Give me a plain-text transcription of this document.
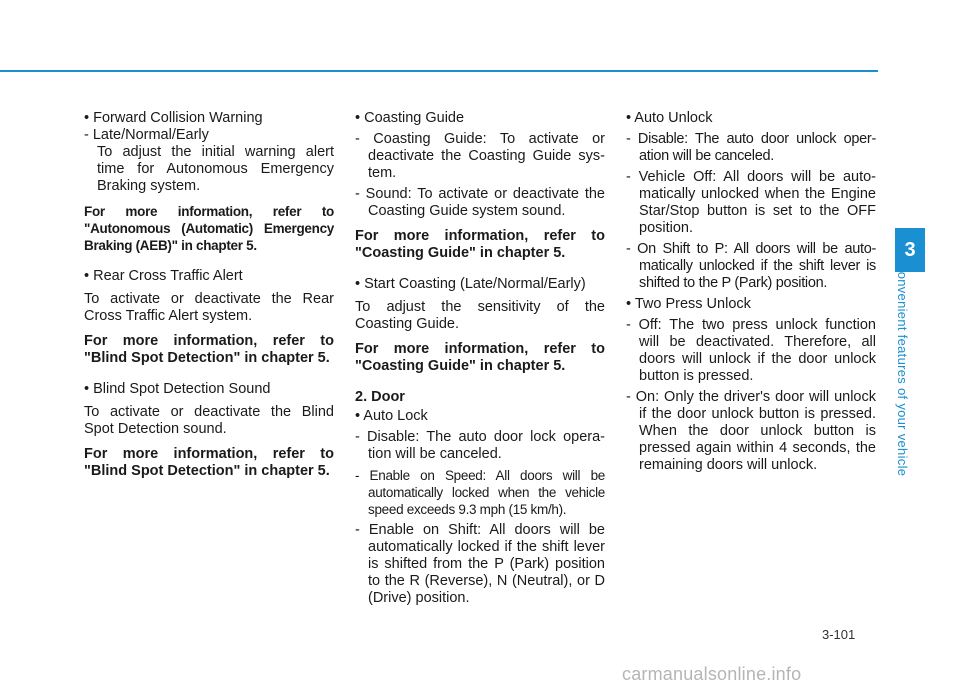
• Forward Collision Warning
- Late/Normal/Early
To adjust the initial warning alert time for Autonomous Emergency Braking system.
For more information, refer to "Autonomous (Automatic) Emergency Braking (AEB)" in chapter 5.
• Rear Cross Traffic Alert
To activate or deactivate the Rear Cross Traffic Alert system.
For more information, refer to "Blind Spot Detection" in chapter 5.
• Blind Spot Detection Sound
To activate or deactivate the Blind Spot Detection sound.
For more information, refer to "Blind Spot Detection" in chapter 5.
• Coasting Guide
- Coasting Guide: To activate or deactivate the Coasting Guide sys-tem.
- Sound: To activate or deactivate the Coasting Guide system sound.
For more information, refer to "Coasting Guide" in chapter 5.
• Start Coasting (Late/Normal/Early)
To adjust the sensitivity of the Coasting Guide.
For more information, refer to "Coasting Guide" in chapter 5.
2. Door
• Auto Lock
- Disable: The auto door lock opera-tion will be canceled.
- Enable on Speed: All doors will be automatically locked when the vehicle speed exceeds 9.3 mph (15 km/h).
- Enable on Shift: All doors will be automatically locked if the shift lever is shifted from the P (Park) position to the R (Reverse), N (Neutral), or D (Drive) position.
• Auto Unlock
- Disable: The auto door unlock oper-ation will be canceled.
- Vehicle Off: All doors will be auto-matically unlocked when the Engine Star/Stop button is set to the OFF position.
- On Shift to P: All doors will be auto-matically unlocked if the shift lever is shifted to the P (Park) position.
• Two Press Unlock
- Off: The two press unlock function will be deactivated. Therefore, all doors will unlock if the door unlock button is pressed.
- On: Only the driver's door will unlock if the door unlock button is pressed. When the door unlock button is pressed again within 4 seconds, the remaining doors will unlock.
3
Convenient features of your vehicle
3-101
carmanualsonline.info
